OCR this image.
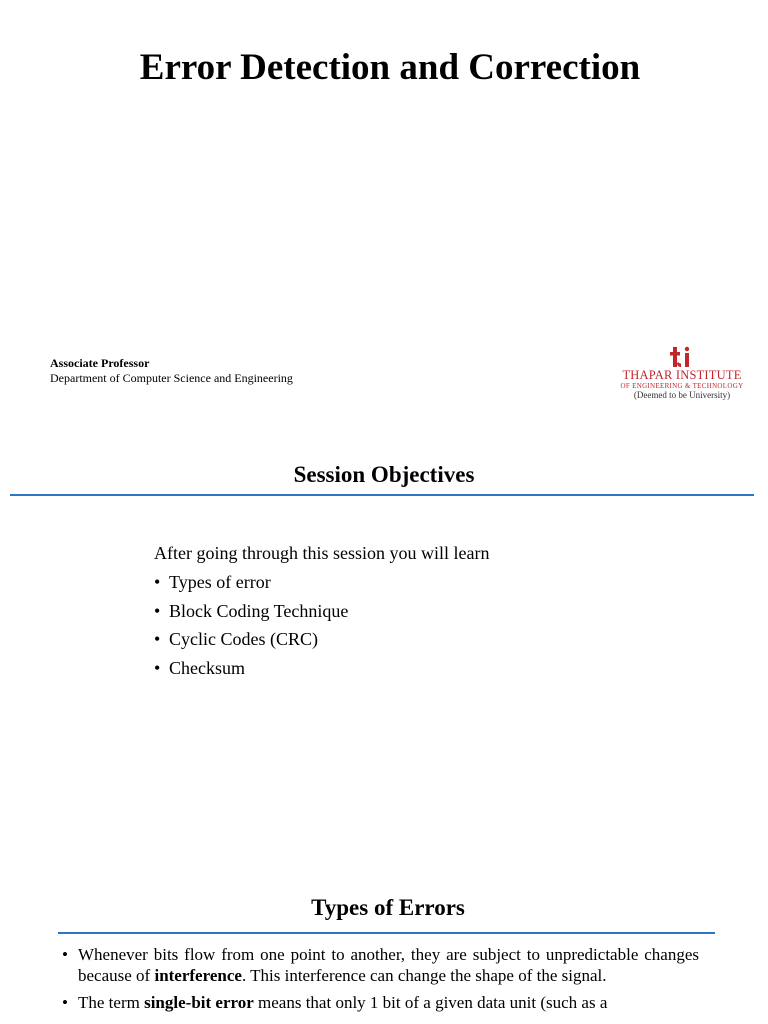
Error Detection and Correction
Associate Professor
Department of Computer Science and Engineering	THAPAR INSTITUTE
OF ENGINEERING & TECHNOLOGY
(Deemed to be University)
Session Objectives

After going through this session you will learn

• Types of error
• Block Coding Technique
• Cyclic Codes (CRC)
• Checksum
Types of Errors
• Whenever bits flow from one point to another, they are subject to unpredictable changes because of interference. This interference can change the shape of the signal.
• The term single-bit error means that only 1 bit of a given data unit (such as a
